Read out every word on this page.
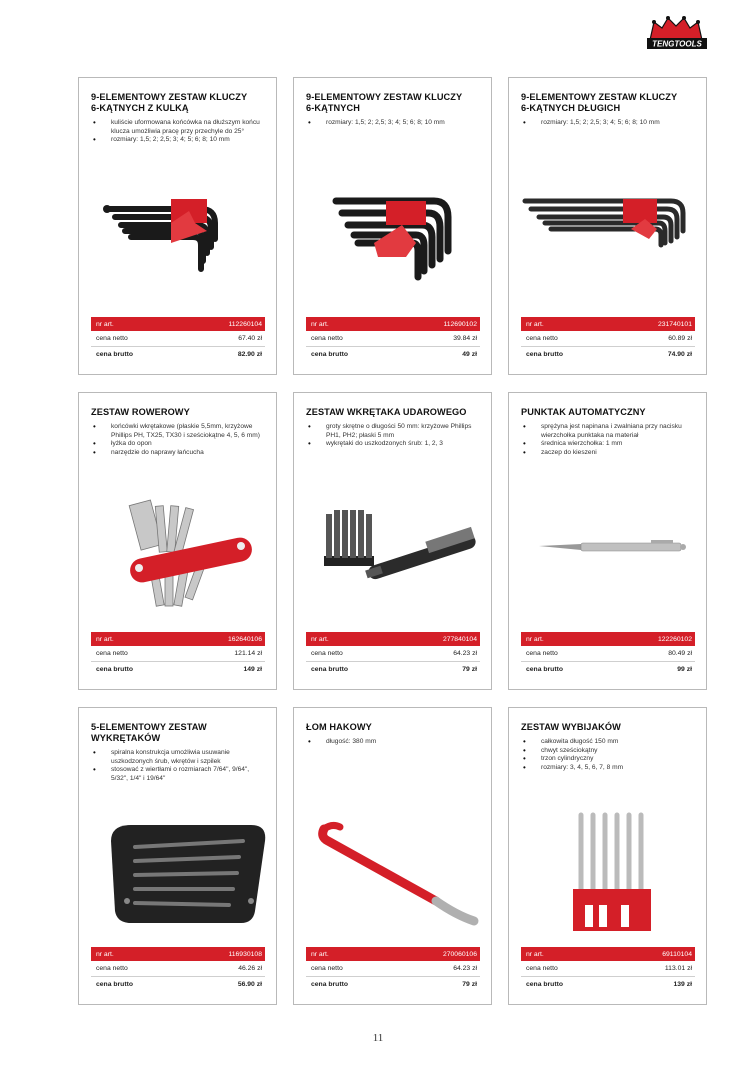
TENGTOOLS
9-ELEMENTOWY ZESTAW KLUCZY
6-KĄTNYCH Z KULKĄ
• kuliście uformowana końcówka na dłuższym końcu klucza umożliwia pracę przy przechyle do 25°
• rozmiary: 1,5; 2; 2,5; 3; 4; 5; 6; 8; 10 mm
nr art.	112260104
cena netto	67.40 zł
cena brutto	82.90 zł
9-ELEMENTOWY ZESTAW KLUCZY
6-KĄTNYCH
• rozmiary: 1,5; 2; 2,5; 3; 4; 5; 6; 8; 10 mm
nr art.	112690102
cena netto	39.84 zł
cena brutto	49 zł
9-ELEMENTOWY ZESTAW KLUCZY
6-KĄTNYCH DŁUGICH
• rozmiary: 1,5; 2; 2,5; 3; 4; 5; 6; 8; 10 mm
nr art.	231740101
cena netto	60.89 zł
cena brutto	74.90 zł
ZESTAW ROWEROWY
• końcówki wkrętakowe (płaskie 5,5mm, krzyżowe Phillips PH, TX25, TX30 i sześciokątne 4, 5, 6 mm)
• łyżka do opon
• narzędzie do naprawy łańcucha
nr art.	162640106
cena netto	121.14 zł
cena brutto	149 zł
ZESTAW WKRĘTAKA UDAROWEGO
• groty skrętne o długości 50 mm: krzyżowe Phillips PH1, PH2; płaski 5 mm
• wykrętaki do uszkodzonych śrub: 1, 2, 3
nr art.	277840104
cena netto	64.23 zł
cena brutto	79 zł
PUNKTAK AUTOMATYCZNY
• sprężyna jest napinana i zwalniana przy nacisku wierzchołka punktaka na materiał
• średnica wierzchołka: 1 mm
• zaczep do kieszeni
nr art.	122260102
cena netto	80.49 zł
cena brutto	99 zł
5-ELEMENTOWY ZESTAW
WYKRĘTAKÓW
• spiralna konstrukcja umożliwia usuwanie uszkodzonych śrub, wkrętów i szpilek
• stosować z wiertłami o rozmiarach 7/64", 9/64", 5/32", 1/4" i 19/64"
nr art.	116930108
cena netto	46.26 zł
cena brutto	56.90 zł
ŁOM HAKOWY
• długość: 380 mm
nr art.	270060106
cena netto	64.23 zł
cena brutto	79 zł
ZESTAW WYBIJAKÓW
• całkowita długość 150 mm
• chwyt sześciokątny
• trzon cylindryczny
• rozmiary: 3, 4, 5, 6, 7, 8 mm
nr art.	69110104
cena netto	113.01 zł
cena brutto	139 zł
11
